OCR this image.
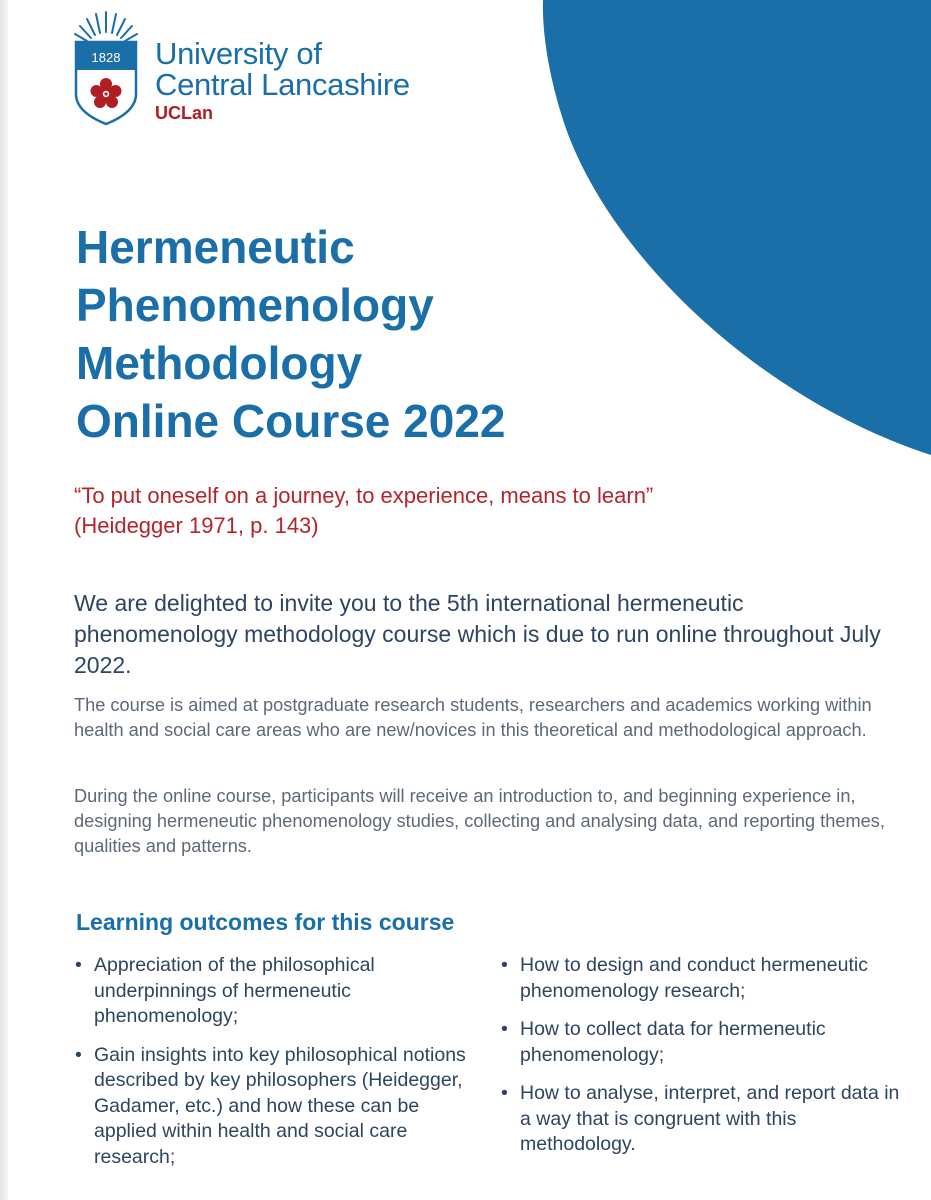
1828 University of
Central Lancashire
UCLan
Hermeneutic
Phenomenology
Methodology
Online Course 2022
“To put oneself on a journey, to experience, means to learn”
(Heidegger 1971, p. 143)

We are delighted to invite you to the 5th international hermeneutic phenomenology methodology course which is due to run online throughout July 2022.

The course is aimed at postgraduate research students, researchers and academics working within health and social care areas who are new/novices in this theoretical and methodological approach.

During the online course, participants will receive an introduction to, and beginning experience in, designing hermeneutic phenomenology studies, collecting and analysing data, and reporting themes, qualities and patterns.

Learning outcomes for this course
• Appreciation of the philosophical underpinnings of hermeneutic phenomenology;
• Gain insights into key philosophical notions described by key philosophers (Heidegger, Gadamer, etc.) and how these can be applied within health and social care research;
• How to design and conduct hermeneutic phenomenology research;
• How to collect data for hermeneutic phenomenology;
• How to analyse, interpret, and report data in a way that is congruent with this methodology.
